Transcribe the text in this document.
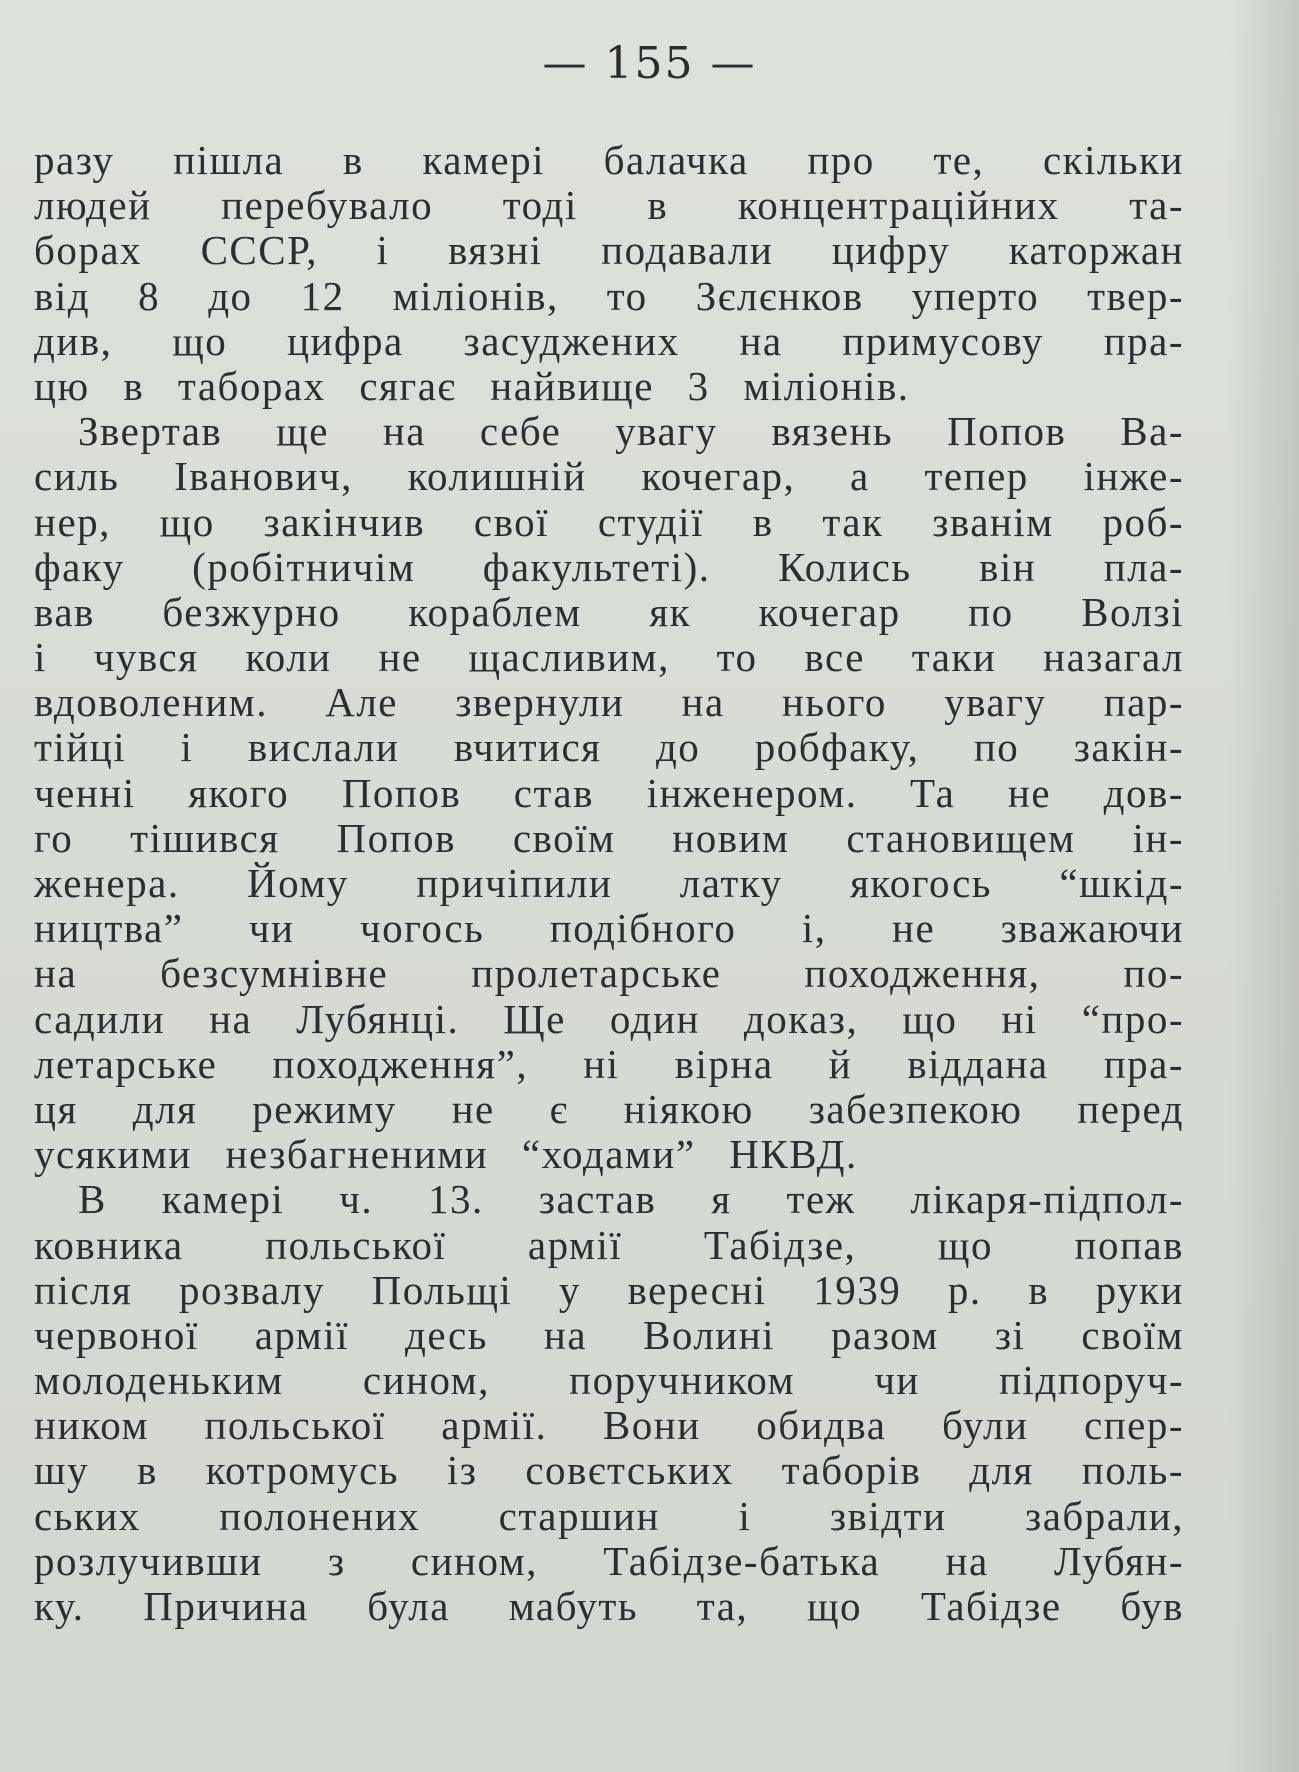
— 155 —
разу пішла в камері балачка про те, скільки
людей перебувало тоді в концентраційних та-
борах СССР, і вязні подавали цифру каторжан
від 8 до 12 міліонів, то Зєлєнков уперто твер-
див, що цифра засуджених на примусову пра-
цю в таборах сягає найвище 3 міліонів.
Звертав ще на себе увагу вязень Попов Ва-
силь Іванович, колишній кочегар, а тепер інже-
нер, що закінчив свої студії в так званім роб-
факу (робітничім факультеті). Колись він пла-
вав безжурно кораблем як кочегар по Волзі
і чувся коли не щасливим, то все таки назагал
вдоволеним. Але звернули на нього увагу пар-
тійці і вислали вчитися до робфаку, по закін-
ченні якого Попов став інженером. Та не дов-
го тішився Попов своїм новим становищем ін-
женера. Йому причіпили латку якогось “шкід-
ництва” чи чогось подібного і, не зважаючи
на безсумнівне пролетарське походження, по-
садили на Лубянці. Ще один доказ, що ні “про-
летарське походження”, ні вірна й віддана пра-
ця для режиму не є ніякою забезпекою перед
усякими незбагненими “ходами” НКВД.
В камері ч. 13. застав я теж лікаря-підпол-
ковника польської армії Табідзе, що попав
після розвалу Польщі у вересні 1939 р. в руки
червоної армії десь на Волині разом зі своїм
молоденьким сином, поручником чи підпоруч-
ником польської армії. Вони обидва були спер-
шу в котромусь із совєтських таборів для поль-
ських полонених старшин і звідти забрали,
розлучивши з сином, Табідзе-батька на Лубян-
ку. Причина була мабуть та, що Табідзе був
